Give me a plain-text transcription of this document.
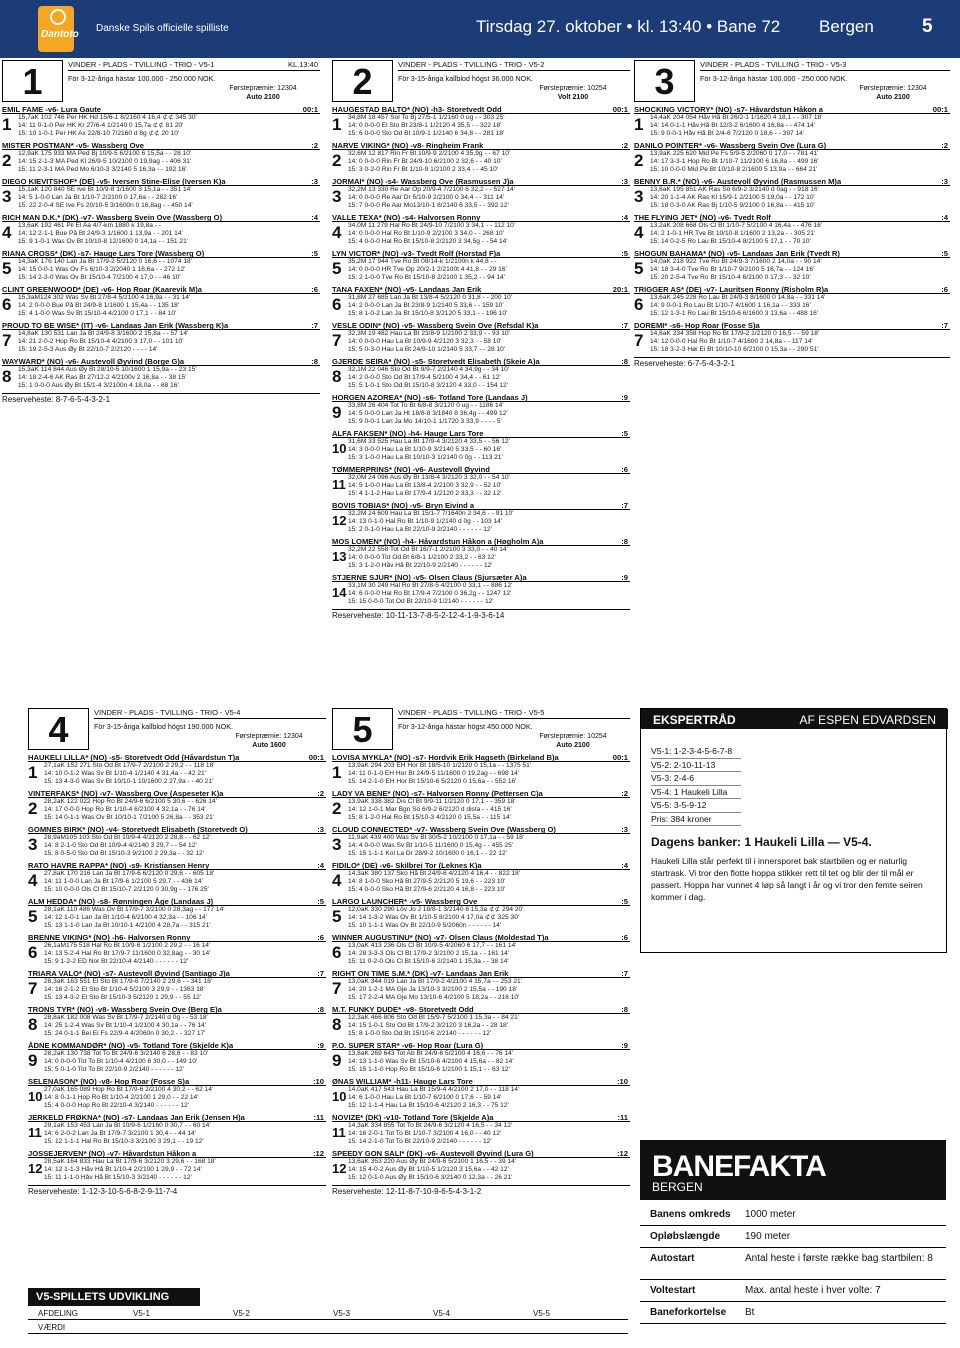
Dantoto
Danske Spils officielle spilliste	Tirsdag 27. oktober • kl. 13:40 • Bane 72 Bergen	5
1	VINDER - PLADS - TVILLING - TRIO - V5-1	KL.13:40
För 3-12-åriga hästar 100.000 - 250.000 NOK.
Førstepræmie: 12304
Auto 2100
EMIL FAME -v6- Lura Gaute	00:1
1 15,7aK 102 746 Per HK Hd 15/6-1 8/2160 4 16,4 ⊄⊄ 345 30'
14: 11 0-1-0 Per HK Kr 27/6-4 1/2140 0 15,7a ⊄⊄ 81 20'
15: 10 1-0-1 Per HK Ax 22/8-10 7/2160 d 8g ⊄⊄ 20 10'
MISTER POSTMAN* -v5- Wassberg Ove	:2
2 12,9aK 175 933 MA Ped Bj 10/9-5 6/2100 6 15,5a - - 28 10'
14: 15 2-1-3 MA Ped Kl 26/9-5 10/2100 0 19,9ag - - 406 31'
15: 11 2-3-1 MA Ped Mo 6/10-3 3/2140 5 16,3a - - 192 16'
DIEGO KIEVITSHOF* (DE) -v5- Iversen Stine-Elise (Iversen K)a	:3
3 15,1aK 120 840 SE Ive Bt 10/9-8 1/1600 3 15,1a - - 351 14'
14: 5 1-0-0 Lan Ja Bt 1/10-7 2/2100 0 17,6a - - 282 16'
15: 22 2-0-4 SE Ive Fs 20/10-5 3/1600n 0 16,8ag - - 450 14'
RICH MAN D.K.* (DK) -v7- Wassberg Svein Ove (Wassberg O)	:4
4 13,6aK 192 461 Pil El Aa 4/7-km 1880 k 19,8a - -
14: 12 2-1-1 Bue På Bt 24/9-3 1/1600 1 13,9a - - 201 14'
15: 9 1-0-1 Was Ov Bt 10/10-8 12/1600 0 14,1a - - 151 21'
RIANA CROSS* (DK) -s7- Hauge Lars Tore (Wassberg O)	:5
5 14,3aK 176 140 Lan Ja Bt 17/9-2 5/2120 0 16,6 - - 1074 18'
14: 15 0-0-1 Was Ov Fs 6/10-3 2/2040 1 16,6a - - 272 12'
15: 14 2-3-0 Was Ov Bt 15/10-4 7/2100 4 17,0 - - 46 10'
CLINT GREENWOOD* (DE) -v6- Hop Roar (Kaarevik M)a	:6
6 15,3aM124 302 Was Sv Bt 27/8-4 5/2100 4 16,9a - - 31 14'
14: 2 0-0-0 Bue På Bt 24/9-8 1/1600 1 15,4a - - 135 18'
15: 4 1-0-0 Was Sv Bt 15/10-4 4/2100 0 17,1 - - 84 10'
PROUD TO BE WISE* (IT) -v6- Landaas Jan Erik (Wassberg K)a	:7
7 14,8aK 130 531 Lan Ja Bt 24/9-8 3/1600 2 15,8a - - 57 14'
14: 21 2-0-2 Hop Ro Bt 15/10-4 4/2100 3 17,0 - - 101 10'
15: 19 2-5-3 Aus Øy Bt 22/10-7 2/2120 - - - - 14'
WAYWARD* (NO) -v6- Austevoll Øyvind (Borge G)a	:8
8 15,3aK 114 844 Aus Øy Bt 28/10-5 10/1600 1 15,9a - - 23 15'
14: 18 2-4-6 AK Ras Bt 27/12-2 4/2100v 2 16,8a - - 38 15'
15: 1 0-0-0 Aus Øy Bt 15/1-4 3/2100n 4 18,0a - - 68 16'
Reserveheste: 8-7-6-5-4-3-2-1
2	VINDER - PLADS - TVILLING - TRIO - V5-2
För 3-15-åriga kallblod högst 36.000 NOK.
Førstepræmie: 10254
Volt 2100
HAUGESTAD BALTO* (NO) -h3- Storetvedt Odd	00:1
1 34,8M 18 457 Sol To Bj 27/5-1 1/2160 0 ug - - 303 25'
14: 0 0-0-0 El Sto Bt 23/8-1 1/2120 4 35,5 - - 322 18'
15: 6 0-0-0 Sto Od Bt 10/9-1 1/2140 6 34,8 - - 281 18'
NARVE VIKING* (NO) -v8- Ringheim Frank	:2
2 32,6M 12 817 Rin Fr Bt 10/9-9 2/2100 4 35,9g - - 67 10'
14: 0 0-0-0 Rin Fr Bt 24/9-10 6/2100 2 32,6 - - 40 10'
15: 3 0-2-0 Rin Fr Bt 1/10-9 1/2100 2 33,4 - - 45 10'
JORMAI* (NO) -s4- Wassberg Ove (Rasmussen J)a	:3
3 32,2M 13 330 Re Aar Op 20/9-4 7/2100 6 32,2 - - 527 14'
14: 0 0-0-0 Re Aar Dr 5/10-9 2/2100 0 34,4 - - 311 14'
15: 7 0-0-0 Re Aar Mo13/10-1 8/2140 6 33,5 - - 392 12'
VALLE TEXA* (NO) -s4- Halvorsen Ronny	:4
4 34,0M 11 279 Hal Ro Bt 24/9-10 7/2100 3 34,1 - - 112 10'
14: 0 0-0-0 Hal Ro Bt 1/10-9 2/2100 3 34,0 - - 268 10'
15: 4 0-0-0 Hal Ro Bt 15/10-8 2/2120 3 34,5g - - 54 14'
LYN VICTOR* (NO) -v3- Tvedt Rolf (Horstad F)a	:5
5 35,2M 17 944 Tve Ro Bt 08/14-k 1/2100n k 44,8 - -
14: 0 0-0-0 HR Tve Op 20/2-1 2/2100t 4 41,8 - - 29 16'
15: 2 1-0-0 Tve Ro Bt 15/10-8 2/2100 1 35,2 - - 94 14'
TANA FAXEN* (NO) -v5- Landaas Jan Erik	20:1
6 31,8M 27 685 Lan Ja Bt 13/8-4 5/2120 0 31,8 - - 200 10'
14: 2 0-0-0 Lan Ja Bt 23/8-9 1/2140 5 33,6 - - 159 10'
15: 8 1-0-2 Lan Ja Bt 15/10-8 3/2120 5 33,1 - - 196 10'
VESLE ODIN* (NO) -v5- Wassberg Svein Ove (Refsdal K)a	:7
7 32,3M 19 482 Hau La Bt 23/8-9 1/2100 2 33,9 - - 93 10'
14: 0 0-0-0 Hau La Bt 10/9-9 4/2120 3 32,3 - - 58 10'
15: 5 0-3-0 Hau La Bt 24/9-10 1/2140 5 33,7 - - 28 10'
GJERDE SEIRA* (NO) -s5- Storetvedt Elisabeth (Skeie A)a	:8
8 32,1M 22 046 Sto Od Bt 9/9-7 2/2140 4 34,9g - - 34 10'
14: 2 0-0-0 Sto Od Bt 17/9-4 5/2100 4 34,4 - - 61 12'
15: 5 1-0-1 Sto Od Bt 15/10-8 3/2120 4 33,0 - - 154 12'
HORGEN AZOREA* (NO) -s6- Totland Tore (Landaas J)	:9
9 33,8M 26 404 Tot To Bt 6/8-8 3/2120 0 ug - - 1186 14'
14: 5 0-0-0 Lan Ja Ht 18/8-8 3/1840 8 36,4g - - 499 12'
15: 9 0-0-1 Lan Ja Mo 14/10-1 1/1720 3 33,9 - - - - 5'
ALFA FAKSEN* (NO) -h4- Hauge Lars Tore	:5
10 31,6M 33 525 Hau La Bt 17/9-4 3/2120 4 33,5 - - 56 12'
14: 3 0-0-0 Hau La Bt 1/10-9 3/2140 5 33,5 - - 60 16'
15: 3 1-0-0 Hau La Bt 10/10-3 1/2140 0 0g - - 113 21'
TØMMERPRINS* (NO) -v6- Austevoll Øyvind	:6
11 32,0M 24 096 Aus Øy Bt 13/8-4 3/2120 3 32,0 - - 54 10'
14: 5 1-0-0 Hau La Bt 13/8-4 2/2100 3 32,9 - - 52 10'
15: 4 1-1-2 Hau La Bt 17/9-4 1/2120 2 33,3 - - 32 12'
BOVIS TOBIAS* (NO) -v5- Bryn Eivind a	:7
12 32,2M 24 609 Hau La Bt 15/1-7 7/1640n 2 34,6 - - 91 10'
14: 13 0-1-0 Hal Ro Bt 1/10-9 1/2140 d 0g - - 103 14'
15: 2 0-1-0 Hau La Bt 22/10-9 2/2140 - - - - - - 12'
MOS LOMEN* (NO) -h4- Håvardstun Håkon a (Høgholm A)a	:8
13 32,2M 22 558 Tot Od Bt 16/7-1 2/2100 3 33,0 - - 40 14'
14: 0 0-0-0 Tot Od Bt 6/8-1 1/2100 2 33,2 - - 63 12'
15: 3 1-2-0 Håv Hå Bt 22/10-9 2/2140 - - - - - - 12'
STJERNE SJUR* (NO) -v5- Olsen Claus (Sjursæter A)a	:9
14 33,1M 30 249 Hal Ro Bt 27/8-5 4/2100 0 33,1 - - 886 12'
14: 6 0-0-0 Hal Ro Bt 17/9-4 7/2100 0 36,2g - - 1247 12'
15: 15 0-0-0 Tot Od Bt 22/10-9 1/2140 - - - - - - 12'
Reserveheste: 10-11-13-7-8-5-2-12-4-1-9-3-6-14
3	VINDER - PLADS - TVILLING - TRIO - V5-3
För 3-12-åriga hästar 100.000 - 250.000 NOK.
Førstepræmie: 12304
Auto 2100
SHOCKING VICTORY* (NO) -s7- Håvardstun Håkon a	00:1
1 14,4aK 204 054 Håv Hå Bt 26/2-1 1/1620 4 18,1 - - 307 18'
14: 14 0-1-1 Håv Hå Bt 12/3-2 6/1600 4 16,8a - - 474 14'
15: 9 0-0-1 Håv Hå Bt 2/4-6 7/2120 0 18,6 - - 397 14'
DANILO POINTER* -v6- Wassberg Svein Ove (Lura G)	:2
2 13,9aK 225 620 Mid Pe Fs 5/9-5 2/2060 0 17,0 - - 781 41'
14: 17 3-3-1 Hop Ro Bt 1/10-7 11/2100 6 16,8a - - 499 16'
15: 10 0-0-0 Mid Pe Bt 10/10-8 2/1600 5 13,9a - - 664 21'
BENNY B.R.* (NO) -v6- Austevoll Øyvind (Rasmussen M)a	:3
3 13,6aK 195 851 AK Ras Sö 6/9-2 3/2140 d 0ag - - 918 16'
14: 20 1-1-4 AK Ras Kl 15/9-1 2/2100 5 19,0a - - 172 10'
15: 18 0-3-0 AK Ras Bj 1/10-5 9/2100 0 16,8a - - 415 10'
THE FLYING JET* (NO) -v6- Tvedt Rolf	:4
4 13,2aK 208 668 Ols Cl Bt 1/10-7 5/2100 4 16,4a - - 476 16'
14: 2 1-0-1 HR Tve Bt 10/10-8 1/1600 2 13,2a - - 305 21'
15: 14 0-2-5 Ro Lau Bt 15/10-4 8/2100 5 17,1 - - 70 10'
SHOGUN BAHAMA* (NO) -v5- Landaas Jan Erik (Tvedt R)	:5
5 14,0aK 218 922 Tve Ro Bt 24/9-3 7/1600 2 14,0a - - 90 14'
14: 18 3-4-0 Tve Ro Bt 1/10-7 9/2100 5 16,7a - - 124 16'
15: 20 2-5-4 Tve Ro Bt 15/10-4 6/2100 0 17,3 - - 32 10'
TRIGGER AS* (DE) -v7- Lauritsen Ronny (Risholm R)a	:6
6 13,6aK 245 228 Ro Lau Bt 24/9-3 8/1600 0 14,8a - - 331 14'
14: 9 0-0-1 Ro Lau Bt 1/10-7 4/1600 1 16,1a - - 333 16'
15: 12 1-3-1 Ro Lau Bt 15/10-6 6/1600 3 13,6a - - 488 16'
DOREMI* -s6- Hop Roar (Fosse S)a	:7
7 14,6aK 234 358 Hop Ro Bt 17/9-2 1/2120 0 16,5 - - 59 18'
14: 12 0-0-0 Hal Ro Bt 1/10-7 4/1600 2 14,8a - - 117 14'
15: 18 3-2-3 Høi Ei Bt 10/10-10 6/2100 0 15,3a - - 290 51'
Reserveheste: 6-7-5-4-3-2-1
4	VINDER - PLADS - TVILLING - TRIO - V5-4
För 3-15-åriga kallblod högst 190.000 NOK.
Førstepræmie: 12304
Auto 1600
HAUKELI LILLA* (NO) -s5- Storetvedt Odd (Håvardstun T)a	00:1
1 27,1aK 152 271 Sto Od Bt 17/9-7 2/2100 2 29,2 - - 118 18'
14: 10 0-1-2 Was Sv Bt 1/10-4 1/2140 4 31,4a - - 42 21'
15: 13 4-3-0 Was Sv Bt 10/10-1 10/1600 2 27,9a - - 40 21'
VINTERFAKS* (NO) -v7- Wassberg Ove (Aspeseter K)a	:2
2 28,2aK 122 022 Hop Ro Bt 24/9-6 6/2100 5 30,6 - - 626 14'
14: 17 0-0-0 Hop Ro Bt 1/10-4 6/2100 4 32,1a - - 76 14'
15: 14 0-1-1 Was Ov Bt 10/10-1 7/2100 5 26,8a - - 353 21'
GOMNES BIRK* (NO) -v4- Storetvedt Elisabeth (Storetvedt O)	:3
3 28,9aM105 103 Sto Od Bt 10/9-4 4/2120 2 28,8 - - 62 12'
14: 8 2-1-0 Sto Od Bt 10/9-4 4/2140 3 29,7 - - 54 12'
15: 8 0-5-0 Sto Od Bt 15/10-3 9/2100 2 29,3a - - 32 12'
RATO HAVRE RAPPA* (NO) -s9- Kristiansen Henry	:4
4 27,8aK 170 216 Lan Ja Bt 17/9-6 6/2120 0 29,6 - - 605 18'
14: 11 1-0-0 Lan Ja Bt 17/9-6 1/2100 5 29,7 - - 436 14'
15: 10 0-0-0 Ols Cl Bt 15/10-7 2/2120 0 30,9g - - 176 25'
ALM HEDDA* (NO) -s8- Rønningen Åge (Landaas J)	:5
5 28,1aK 110 486 Was Ov Bt 17/9-7 3/2100 0 28,3ag - - 177 14'
14: 12 1-0-1 Lan Ja Bt 1/10-4 6/2100 4 32,3a - - 106 14'
15: 13 1-1-0 Lan Ja Bt 10/10-1 4/2100 4 28,7a - - 315 21'
BRENNE VIKING* (NO) -h6- Halvorsen Ronny	:6
6 26,1aM175 518 Hal Ro Bt 10/9-6 1/2100 2 29,2 - - 16 14'
14: 13 5-2-4 Hal Ro Bt 17/9-7 11/1600 0 32,8ag - - 30 14'
15: 9 1-2-2 ED Nor Bt 22/10-4 4/2140 - - - - - - 12'
TRIARA VALO* (NO) -s7- Austevoll Øyvind (Santiago J)a	:7
7 28,3aK 163 551 El Sto Bt 17/9-6 7/2140 2 29,6 - - 341 18'
14: 16 2-1-2 El Sto Bt 1/10-4 5/2100 3 29,9 - - 1363 18'
15: 13 4-3-2 El Sto Bt 15/10-3 5/2120 1 29,9 - - 55 12'
TRONS TYR* (NO) -v8- Wassberg Svein Ove (Berg E)a	:8
8 28,8aK 182 008 Was Sv Bt 17/9-7 2/2140 d 0g - - 53 18'
14: 25 1-2-4 Was Sv Bt 1/10-4 1/2100 4 30,1a - - 76 14'
15: 24 0-1-1 Bei Ei Fs 22/9-4 4/2060n 0 30,2 - - 327 17'
ÅDNE KOMMANDØR* (NO) -v5- Totland Tore (Skjelde K)a	:9
9 28,2aK 130 738 Tot To Bt 24/9-6 3/2140 6 28,6 - - 83 10'
14: 0 0-0-0 Tot To Bt 1/10-4 4/2100 6 30,0 - - 149 10'
15: 5 0-1-0 Tot To Bt 22/10-9 2/2140 - - - - - - 12'
SELENASON* (NO) -v8- Hop Roar (Fosse S)a	:10
10 27,0aK 165 089 Hop Ro Bt 17/9-6 2/2100 4 30,2 - - 62 14'
14: 8 0-1-1 Hop Ro Bt 1/10-4 2/2100 1 29,0 - - 22 14'
15: 4 0-0-0 Hop Ro Bt 22/10-4 3/2140 - - - - - - 12'
JERKELD FRØKNA* (NO) -s7- Landaas Jan Erik (Jensen H)a	:11
11 29,1aK 153 453 Lan Ja Bt 10/9-6 1/2160 0 30,7 - - 60 14'
14: 6 2-0-2 Lan Ja Bt 17/9-7 3/2100 1 30,4 - - 44 14'
15: 12 1-1-1 Hal Ro Bt 15/10-3 3/2100 3 29,1 - - 19 12'
JOSSEJERVEN* (NO) -v7- Håvardstun Håkon a	:12
12 28,5aK 164 833 Hau La Bt 17/9-6 3/2120 3 29,6 - - 168 18'
14: 12 1-1-3 Håv Hå Bt 1/10-4 2/2100 1 29,9 - - 72 14'
15: 11 1-1-0 Håv Hå Bt 15/10-3 3/2140 - - - - - - 12'
Reserveheste: 1-12-3-10-5-6-8-2-9-11-7-4
5	VINDER - PLADS - TVILLING - TRIO - V5-5
För 3-12-åriga hästar högst 450.000 NOK.
Førstepræmie: 10254
Auto 2100
LOVISA MYKLA* (NO) -s7- Hordvik Erik Hagseth (Birkeland B)a	00:1
1 13,9aK 294 203 EH Hor Bt 18/5-10 1/2120 0 15,1a - - 1375 51'
14: 11 0-1-0 EH Hor Bt 24/9-5 11/1600 0 19,2ag - - 698 14'
15: 14 2-1-0 EH Hor Bt 15/10-6 5/2120 0 15,6a - - 552 16'
LADY VA BENE* (NO) -s7- Halvorsen Ronny (Pettersen C)a	:2
2 13,9aK 338 382 Dis Cl Bt 9/9-11 1/2120 0 17,1 - - 359 18'
14: 12 1-0-1 Mar Bgn Sö 6/9-2 6/2120 d dista - - 415 16'
15: 8 1-2-0 Hal Ro Bt 15/10-3 4/2120 0 15,5a - - 115 14'
CLOUD CONNECTED* -v7- Wassberg Svein Ove (Wassberg O)	:3
3 11,9aK 439 400 Was Sv Bt 30/5-2 10/2100 0 17,1a - - 59 18'
14: 4 0-0-0 Was Sv Bt 1/10-5 11/1600 0 15,4g - - 455 25'
15: 15 1-1-1 Kol La Dr 28/9-2 10/1600 0 16,1 - - 22 12'
FIDILO* (DE) -v6- Skilbrei Tor (Leknes K)a	:4
4 14,3aK 380 137 Sko Hå Bt 24/9-6 4/2120 4 16,4 - - 822 18'
14: 8 1-0-0 Sko Hå Bt 27/9-5 2/2120 5 19,6 - - 223 10'
15: 4 0-0-0 Sko Hå Bt 27/9-6 2/2120 4 16,8 - - 223 10'
LARGO LAUNCHER* -v5- Wassberg Ove	:5
5 12,0aK 330 290 Löv Jo J 18/8-1 3/2140 6 15,3a ⊄⊄ 294 20'
14: 14 1-3-2 Was Ov Bt 1/10-5 8/2100 4 17,0a ⊄⊄ 325 30'
15: 10 1-1-1 Was Ov Bt 22/10-9 5/2060n - - - - - - 14'
WINNER AUGUSTINU* (NO) -v7- Olsen Claus (Moldestad T)a	:6
6 13,0aK 413 236 Ols Cl Bt 10/9-5 4/2060 6 17,7 - - 161 14'
14: 28 3-3-3 Ols Cl Bt 17/9-2 3/2100 2 15,1a - - 161 14'
15: 11 0-2-0 Ols Cl Bt 15/10-6 2/2140 1 15,3a - - 38 14'
RIGHT ON TIME S.M.* (DK) -v7- Landaas Jan Erik	:7
7 13,0aK 344 019 Lan Ja Bt 17/9-2 4/2100 4 15,7a - - 253 21'
14: 20 1-2-1 MA Gje Ja 13/10-3 3/2100 2 15,5a - - 190 18'
15: 17 2-2-4 MA Gje Mo 13/10-6 4/2100 5 18,2a - - 216 10'
M.T. FUNKY DUDE* -v8- Storetvedt Odd	:8
8 12,3aK 466 806 Sto Od Bt 15/9-7 5/2100 1 15,3a - - 84 21'
14: 15 1-0-1 Sto Od Bt 17/9-2 3/2120 3 16,2a - - 28 18'
15: 8 1-0-0 Sto Od Bt 15/10-6 2/2140 - - - - - - 12'
P.O. SUPER STAR* -v6- Hop Roar (Lura G)	:9
9 13,8aK 269 643 Tot Ab Bt 24/9-6 5/2100 4 16,6 - - 76 14'
14: 13 1-1-0 Was Sv Bt 15/10-6 4/2100 4 15,6a - - 82 14'
15: 15 1-1-0 Hop Ro Bt 15/10-6 1/2100 1 15,1 - - 63 12'
ØNAS WILLIAM* -h11- Hauge Lars Tore	:10
10 14,0aK 417 543 Hau La Bt 15/9-4 4/2100 2 17,0 - - 118 14'
14: 6 1-0-0 Hau La Bt 1/10-7 6/2100 0 17,6 - - 59 14'
15: 12 1-1-4 Hau La Bt 15/10-6 4/2120 2 16,3 - - 75 12'
NOVIZE* (DK) -v10- Totland Tore (Skjelde A)a	:11
11 14,3aK 334 855 Tot To Bt 24/9-6 3/2120 4 16,5 - - 34 12'
14: 16 2-0-1 Tot To Bt 1/10-7 3/2100 4 16,0 - - 40 12'
15: 14 2-1-0 Tot To Bt 22/10-9 2/2140 - - - - - - 12'
SPEEDY GON SALI* (DK) -v6- Austevoll Øyvind (Lura G)	:12
12 13,6aK 353 220 Aus Øy Bt 24/9-6 5/2100 1 16,5 - - 39 14'
14: 15 4-0-2 Aus Øy Bt 1/10-5 1/2120 3 15,6a - - 42 12'
15: 12 0-1-0 Aus Øy Bt 15/10-6 3/2140 0 12,3a - - 26 21'
Reserveheste: 12-11-8-7-10-9-6-5-4-3-1-2
EKSPERTRÅD	AF ESPEN EDVARDSEN
V5-1: 1-2-3-4-5-6-7-8
V5-2: 2-10-11-13
V5-3: 2-4-6
V5-4: 1 Haukeli Lilla
V5-5: 3-5-9-12
Pris: 384 kroner
Dagens banker: 1 Haukeli Lilla — V5-4.
Haukeli Lilla står perfekt til i innersporet bak startbilen og er naturlig startrask. Vi tror den flotte hoppa stikker rett til tet og blir der til mål er passert. Hoppa har vunnet 4 løp så langt i år og vi tror den femte seiren kommer i dag.
BANEFAKTA
BERGEN
Banens omkreds 1000 meter
Opløbslængde	190 meter
Autostart	Antal heste i første række bag startbilen: 8
Voltestart	Max. antal heste i hver volte: 7
Baneforkortelse Bt
V5-SPILLETS UDVIKLING
AFDELING	V5-1	V5-2	V5-3	V5-4	V5-5
VÆRDI
